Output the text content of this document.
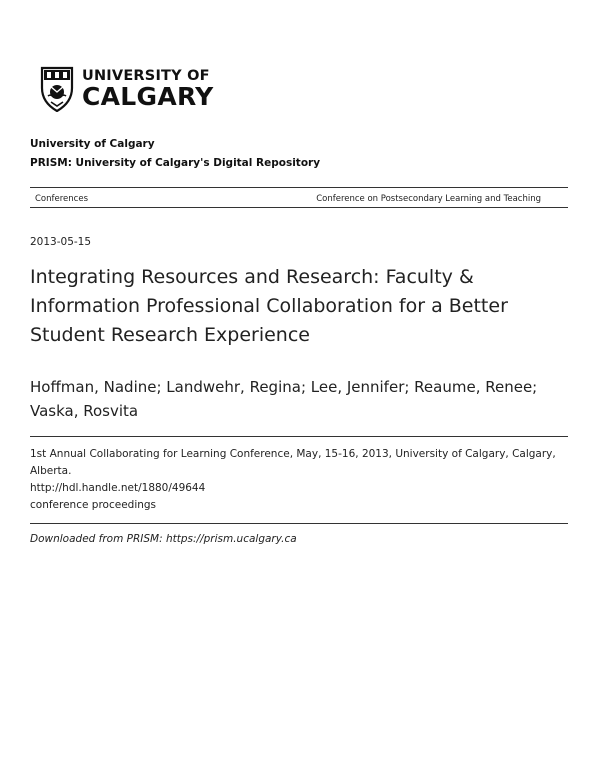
UNIVERSITY OF
CALGARY
University of Calgary
PRISM: University of Calgary's Digital Repository
Conferences	Conference on Postsecondary Learning and Teaching
2013-05-15
Integrating Resources and Research: Faculty & Information Professional Collaboration for a Better Student Research Experience
Hoffman, Nadine; Landwehr, Regina; Lee, Jennifer; Reaume, Renee; Vaska, Rosvita
1st Annual Collaborating for Learning Conference, May, 15-16, 2013, University of Calgary, Calgary, Alberta.
http://hdl.handle.net/1880/49644
conference proceedings
Downloaded from PRISM: https://prism.ucalgary.ca
